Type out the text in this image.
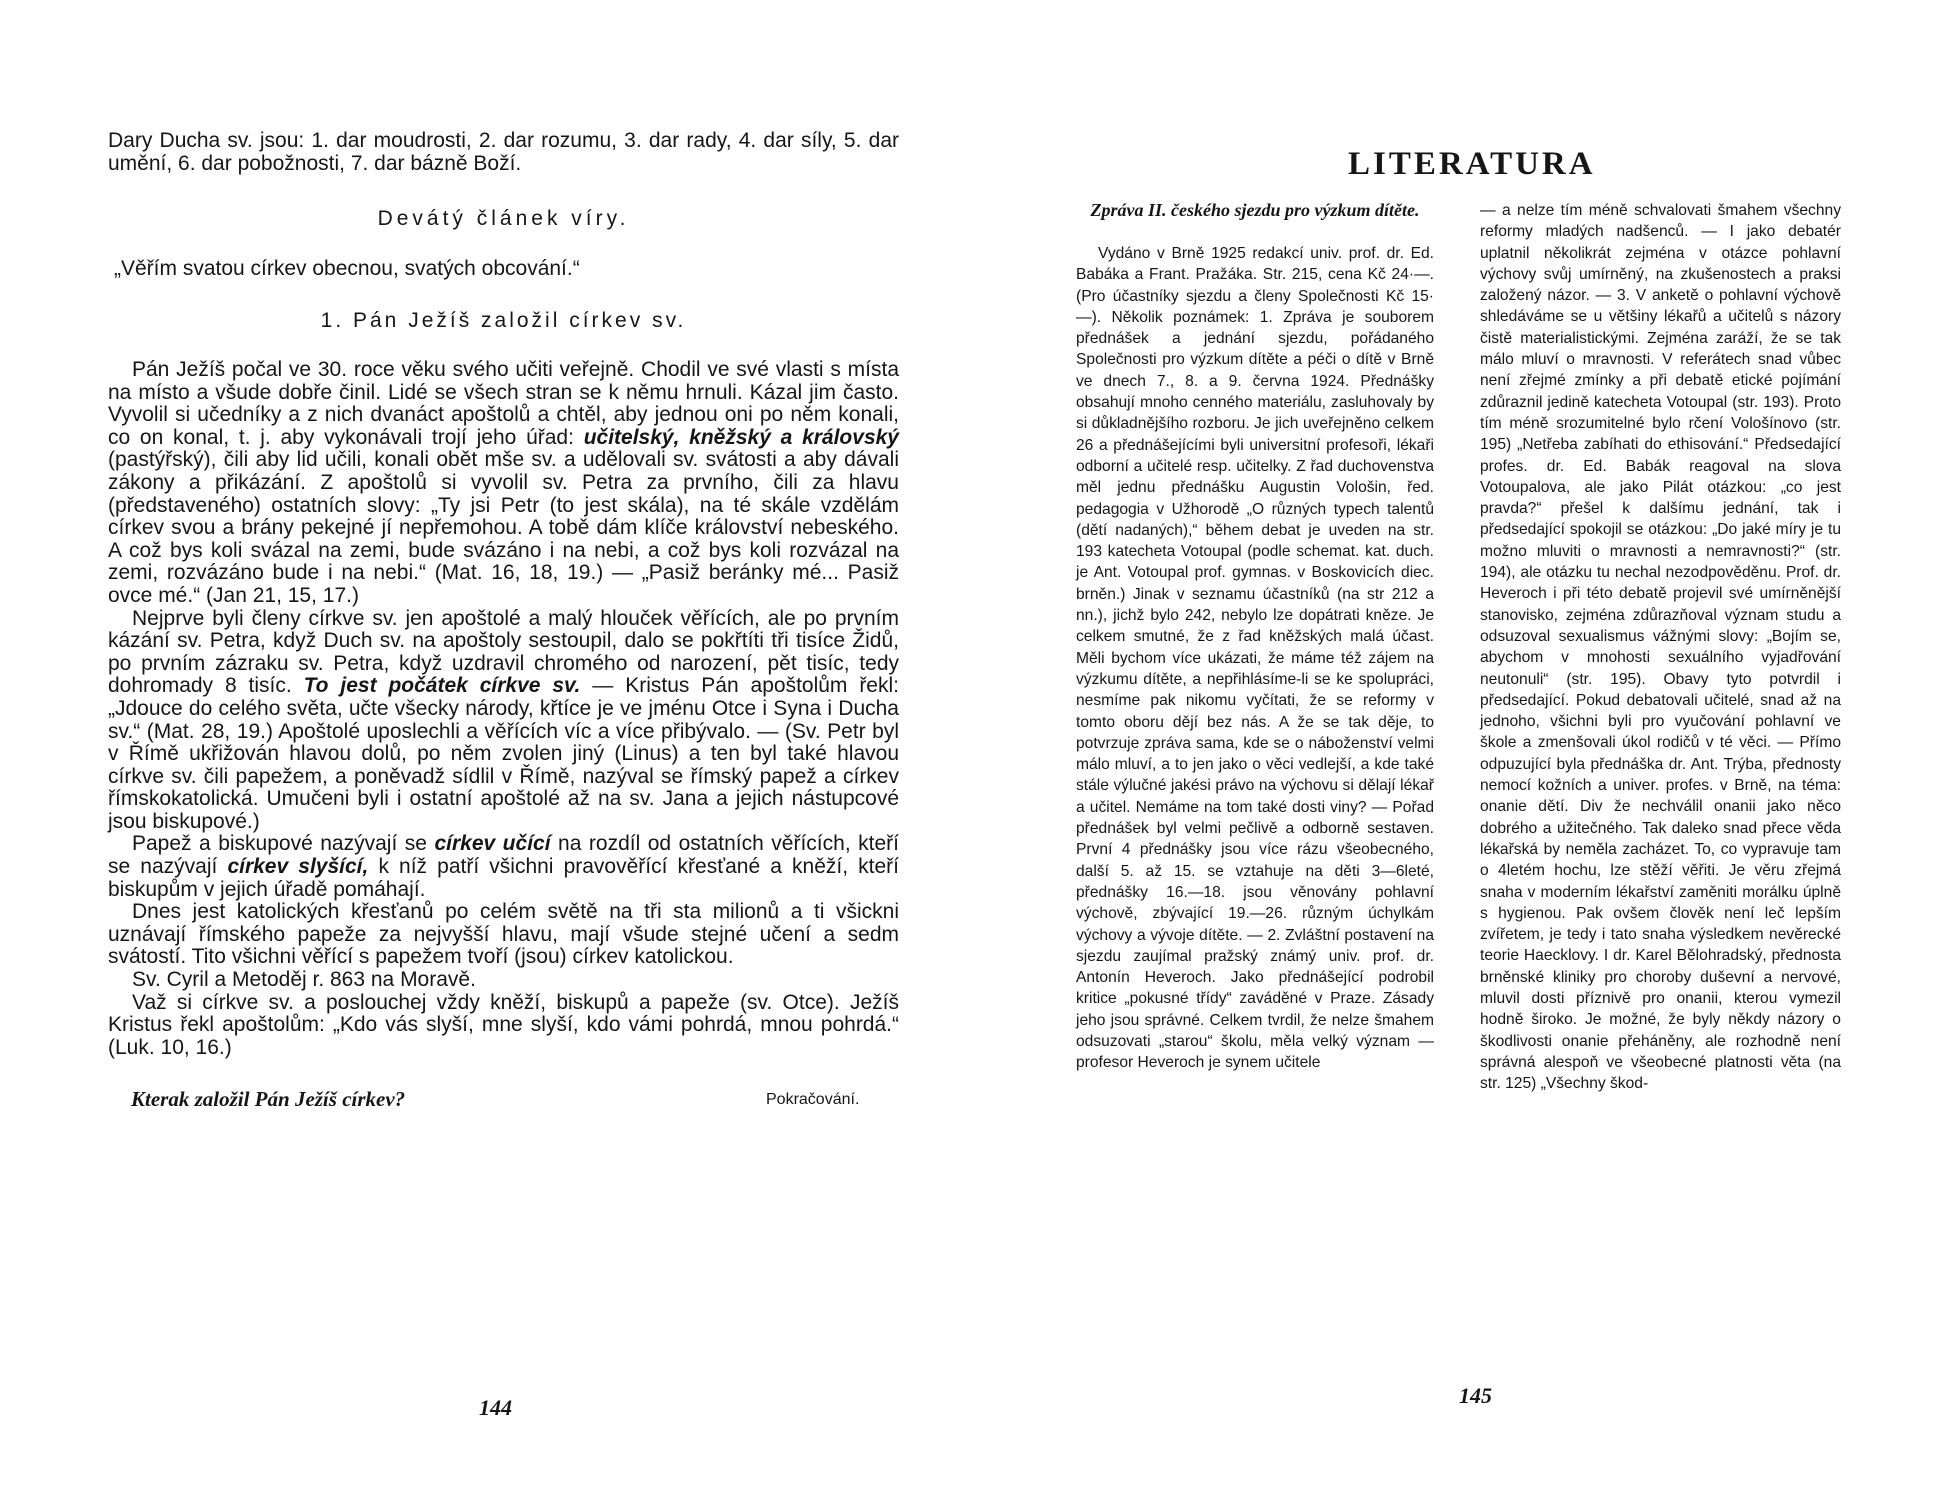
Dary Ducha sv. jsou: 1. dar moudrosti, 2. dar rozumu, 3. dar rady, 4. dar síly, 5. dar umění, 6. dar pobožnosti, 7. dar bázně Boží.

Devátý článek víry.
„Věřím svatou církev obecnou, svatých obcování.“
1. Pán Ježíš založil církev sv.

Pán Ježíš počal ve 30. roce věku svého učiti veřejně. Chodil ve své vlasti s místa na místo a všude dobře činil. Lidé se všech stran se k němu hrnuli. Kázal jim často. Vyvolil si učedníky a z nich dvanáct apoštolů a chtěl, aby jednou oni po něm konali, co on konal, t. j. aby vykonávali trojí jeho úřad: učitelský, kněžský a královský (pastýřský), čili aby lid učili, konali obět mše sv. a udělovali sv. svátosti a aby dávali zákony a přikázání. Z apoštolů si vyvolil sv. Petra za prvního, čili za hlavu (představeného) ostatních slovy: „Ty jsi Petr (to jest skála), na té skále vzdělám církev svou a brány pekejné jí nepřemohou. A tobě dám klíče království nebeského. A což bys koli svázal na zemi, bude svázáno i na nebi, a což bys koli rozvázal na zemi, rozvázáno bude i na nebi.“ (Mat. 16, 18, 19.) — „Pasiž beránky mé... Pasiž ovce mé.“ (Jan 21, 15, 17.)

Nejprve byli členy církve sv. jen apoštolé a malý hlouček věřících, ale po prvním kázání sv. Petra, když Duch sv. na apoštoly sestoupil, dalo se pokřtíti tři tisíce Židů, po prvním zázraku sv. Petra, když uzdravil chromého od narození, pět tisíc, tedy dohromady 8 tisíc. To jest počátek církve sv. — Kristus Pán apoštolům řekl: „Jdouce do celého světa, učte všecky národy, křtíce je ve jménu Otce i Syna i Ducha sv.“ (Mat. 28, 19.) Apoštolé uposlechli a věřících víc a více přibývalo. — (Sv. Petr byl v Římě ukřižován hlavou dolů, po něm zvolen jiný (Linus) a ten byl také hlavou církve sv. čili papežem, a poněvadž sídlil v Římě, nazýval se římský papež a církev římskokatolická. Umučeni byli i ostatní apoštolé až na sv. Jana a jejich nástupcové jsou biskupové.)

Papež a biskupové nazývají se církev učící na rozdíl od ostatních věřících, kteří se nazývají církev slyšící, k níž patří všichni pravověřící křesťané a kněží, kteří biskupům v jejich úřadě pomáhají.

Dnes jest katolických křesťanů po celém světě na tři sta milionů a ti všickni uznávají římského papeže za nejvyšší hlavu, mají všude stejné učení a sedm svátostí. Tito všichni věřící s papežem tvoří (jsou) církev katolickou.

Sv. Cyril a Metoděj r. 863 na Moravě.

Važ si církve sv. a poslouchej vždy kněží, biskupů a papeže (sv. Otce). Ježíš Kristus řekl apoštolům: „Kdo vás slyší, mne slyší, kdo vámi pohrdá, mnou pohrdá.“ (Luk. 10, 16.)

Kterak založil Pán Ježíš církev?	Pokračování.
144
LITERATURA
Zpráva II. českého sjezdu pro výzkum dítěte.

Vydáno v Brně 1925 redakcí univ. prof. dr. Ed. Babáka a Frant. Pražáka. Str. 215, cena Kč 24·—. (Pro účastníky sjezdu a členy Společnosti Kč 15·—). Několik poznámek: 1. Zpráva je souborem přednášek a jednání sjezdu, pořádaného Společnosti pro výzkum dítěte a péči o dítě v Brně ve dnech 7., 8. a 9. června 1924. Přednášky obsahují mnoho cenného materiálu, zasluhovaly by si důkladnějšího rozboru. Je jich uveřejněno celkem 26 a přednášejícími byli universitní profesoři, lékaři odborní a učitelé resp. učitelky. Z řad duchovenstva měl jednu přednášku Augustin Vološin, řed. pedagogia v Užhorodě „O různých typech talentů (dětí nadaných),“ během debat je uveden na str. 193 katecheta Votoupal (podle schemat. kat. duch. je Ant. Votoupal prof. gymnas. v Boskovicích diec. brněn.) Jinak v seznamu účastníků (na str 212 a nn.), jichž bylo 242, nebylo lze dopátrati kněze. Je celkem smutné, že z řad kněžských malá účast. Měli bychom více ukázati, že máme též zájem na výzkumu dítěte, a nepřihlásíme-li se ke spolupráci, nesmíme pak nikomu vyčítati, že se reformy v tomto oboru dějí bez nás. A že se tak děje, to potvrzuje zpráva sama, kde se o náboženství velmi málo mluví, a to jen jako o věci vedlejší, a kde také stále výlučné jakési právo na výchovu si dělají lékař a učitel. Nemáme na tom také dosti viny? — Pořad přednášek byl velmi pečlivě a odborně sestaven. První 4 přednášky jsou více rázu všeobecného, další 5. až 15. se vztahuje na děti 3—6leté, přednášky 16.—18. jsou věnovány pohlavní výchově, zbývající 19.—26. různým úchylkám výchovy a vývoje dítěte. — 2. Zvláštní postavení na sjezdu zaujímal pražský známý univ. prof. dr. Antonín Heveroch. Jako přednášející podrobil kritice „pokusné třídy“ zaváděné v Praze. Zásady jeho jsou správné. Celkem tvrdil, že nelze šmahem odsuzovati „starou“ školu, měla velký význam — profesor Heveroch je synem učitele

— a nelze tím méně schvalovati šmahem všechny reformy mladých nadšenců. — I jako debatér uplatnil několikrát zejména v otázce pohlavní výchovy svůj umírněný, na zkušenostech a praksi založený názor. — 3. V anketě o pohlavní výchově shledáváme se u většiny lékařů a učitelů s názory čistě materialistickými. Zejména zaráží, že se tak málo mluví o mravnosti. V referátech snad vůbec není zřejmé zmínky a při debatě etické pojímání zdůraznil jedině katecheta Votoupal (str. 193). Proto tím méně srozumitelné bylo rčení Vološínovo (str. 195) „Netřeba zabíhati do ethisování.“ Předsedající profes. dr. Ed. Babák reagoval na slova Votoupalova, ale jako Pilát otázkou: „co jest pravda?“ přešel k dalšímu jednání, tak i předsedající spokojil se otázkou: „Do jaké míry je tu možno mluviti o mravnosti a nemravnosti?“ (str. 194), ale otázku tu nechal nezodpověděnu. Prof. dr. Heveroch i při této debatě projevil své umírněnější stanovisko, zejména zdůrazňoval význam studu a odsuzoval sexualismus vážnými slovy: „Bojím se, abychom v mnohosti sexuálního vyjadřování neutonuli“ (str. 195). Obavy tyto potvrdil i předsedající. Pokud debatovali učitelé, snad až na jednoho, všichni byli pro vyučování pohlavní ve škole a zmenšovali úkol rodičů v té věci. — Přímo odpuzující byla přednáška dr. Ant. Trýba, přednosty nemocí kožních a univer. profes. v Brně, na téma: onanie dětí. Div že nechválil onanii jako něco dobrého a užitečného. Tak daleko snad přece věda lékařská by neměla zacházet. To, co vypravuje tam o 4letém hochu, lze stěží věřiti. Je věru zřejmá snaha v moderním lékařství zaměniti morálku úplně s hygienou. Pak ovšem člověk není leč lepším zvířetem, je tedy i tato snaha výsledkem nevěrecké teorie Haecklovy. I dr. Karel Bělohradský, přednosta brněnské kliniky pro choroby duševní a nervové, mluvil dosti příznivě pro onanii, kterou vymezil hodně široko. Je možné, že byly někdy názory o škodlivosti onanie přeháněny, ale rozhodně není správná alespoň ve všeobecné platnosti věta (na str. 125) „Všechny škod-

145
